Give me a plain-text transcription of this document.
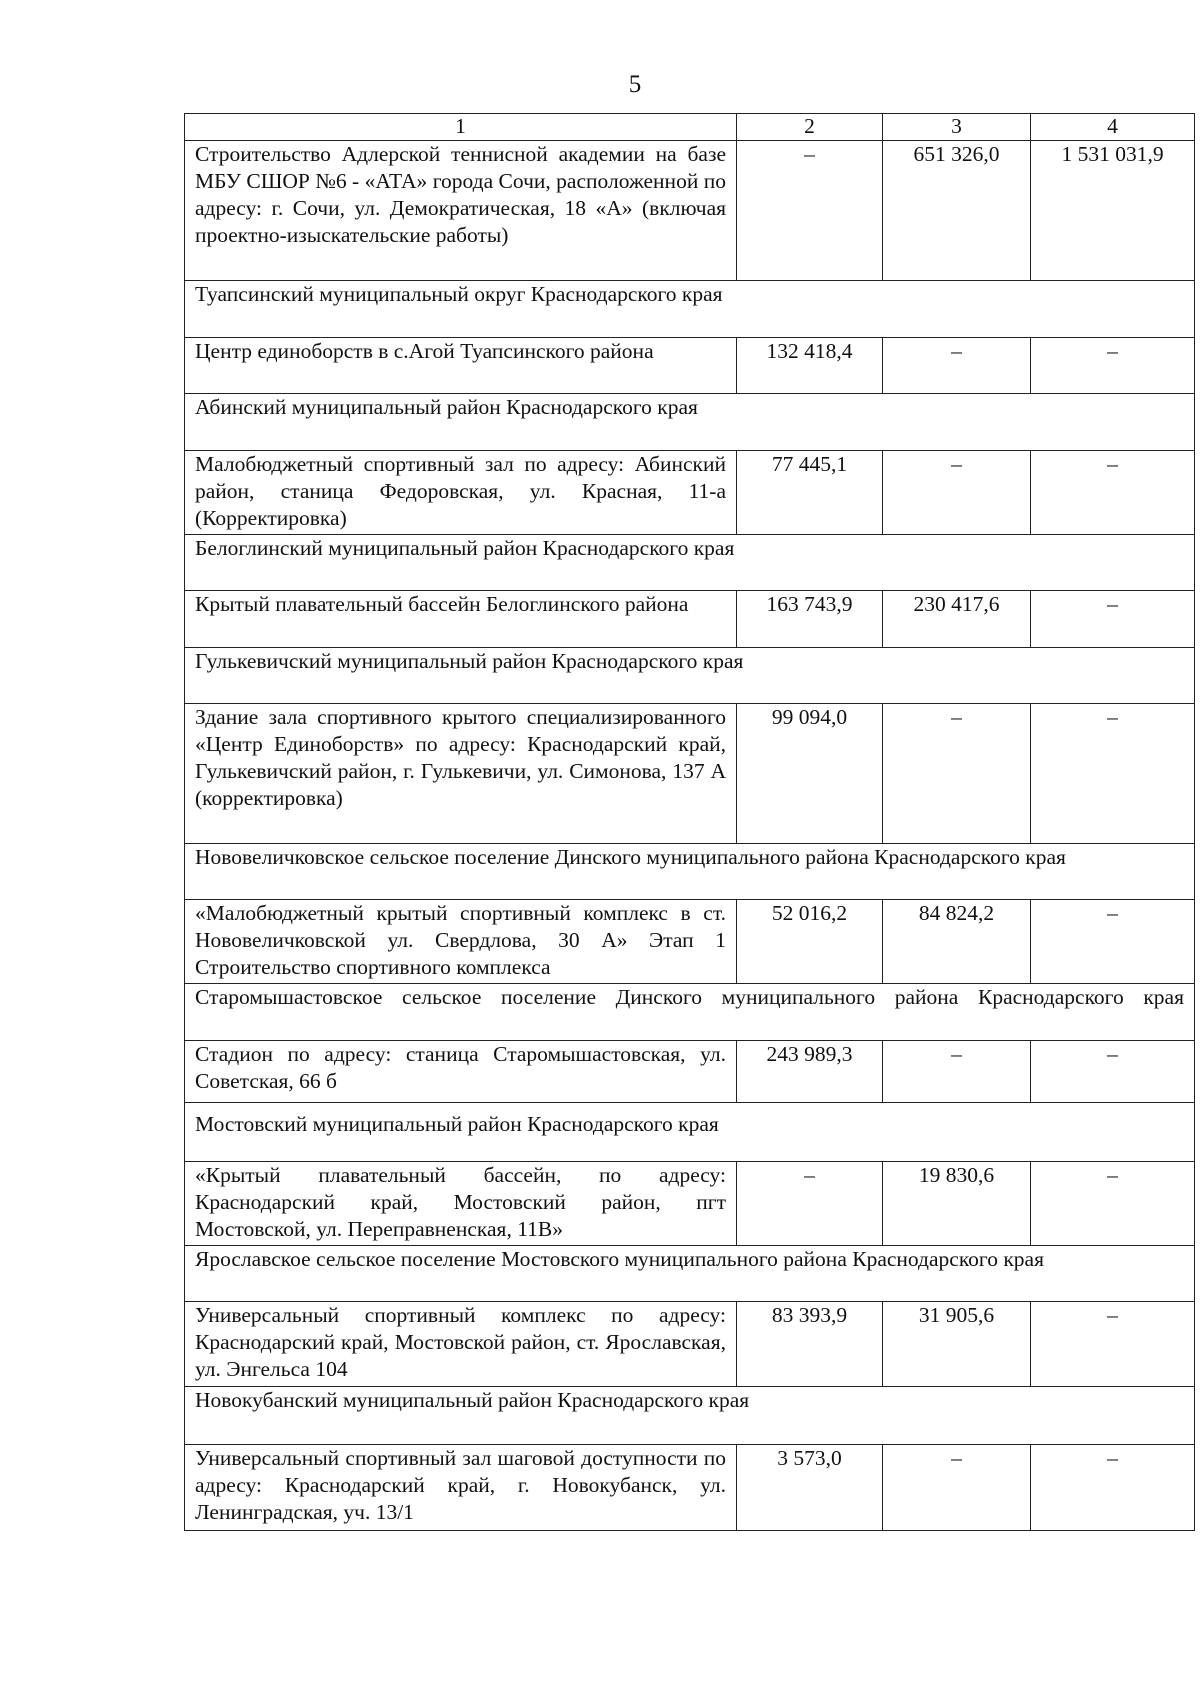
5
1	2	3	4
Строительство Адлерской теннисной академии на базе МБУ СШОР №6 - «АТА» города Сочи, расположенной по адресу: г. Сочи, ул. Демократическая, 18 «А» (включая проектно-изыскательские работы)	–	651 326,0	1 531 031,9
Туапсинский муниципальный округ Краснодарского края			
Центр единоборств в с.Агой Туапсинского района	132 418,4	–	–
Абинский муниципальный район Краснодарского края			
Малобюджетный спортивный зал по адресу: Абинский район, станица Федоровская, ул. Красная, 11-а (Корректировка)	77 445,1	–	–
Белоглинский муниципальный район Краснодарского края			
Крытый плавательный бассейн Белоглинского района	163 743,9	230 417,6	–
Гулькевичский муниципальный район Краснодарского края			
Здание зала спортивного крытого специализированного «Центр Единоборств» по адресу: Краснодарский край, Гулькевичский район, г. Гулькевичи, ул. Симонова, 137 А (корректировка)	99 094,0	–	–
Нововеличковское сельское поселение Динского муниципального района Краснодарского края			
«Малобюджетный крытый спортивный комплекс в ст. Нововеличковской ул. Свердлова, 30 А» Этап 1 Строительство спортивного комплекса	52 016,2	84 824,2	–
Старомышастовское сельское поселение Динского муниципального района Краснодарского края			
Стадион по адресу: станица Старомышастовская, ул. Советская, 66 б	243 989,3	–	–
Мостовский муниципальный район Краснодарского края			
«Крытый плавательный бассейн, по адресу: Краснодарский край, Мостовский район, пгт Мостовской, ул. Переправненская, 11В»	–	19 830,6	–
Ярославское сельское поселение Мостовского муниципального района Краснодарского края			
Универсальный спортивный комплекс по адресу: Краснодарский край, Мостовской район, ст. Ярославская, ул. Энгельса 104	83 393,9	31 905,6	–
Новокубанский муниципальный район Краснодарского края			
Универсальный спортивный зал шаговой доступности по адресу: Краснодарский край, г. Новокубанск, ул. Ленинградская, уч. 13/1	3 573,0	–	–
